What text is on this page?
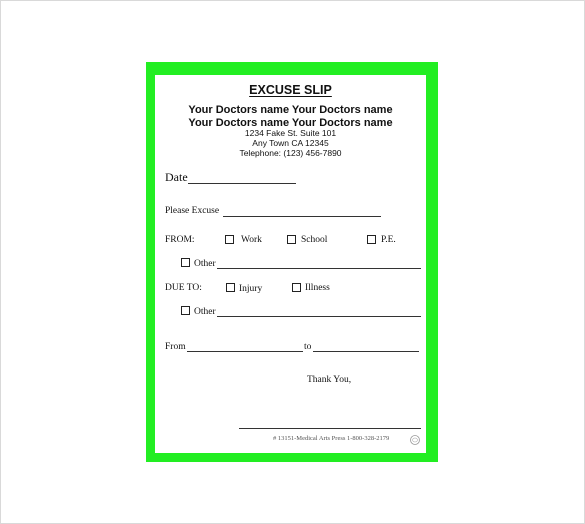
EXCUSE SLIP
Your Doctors name Your Doctors name
Your Doctors name Your Doctors name
1234 Fake St. Suite 101
Any Town CA 12345
Telephone: (123) 456-7890
Date
Please Excuse
FROM:	Work	School	P.E.
Other
DUE TO:	Injury	Illness
Other
From	to
Thank You,
# 13151-Medical Arts Press 1-800-328-2179
